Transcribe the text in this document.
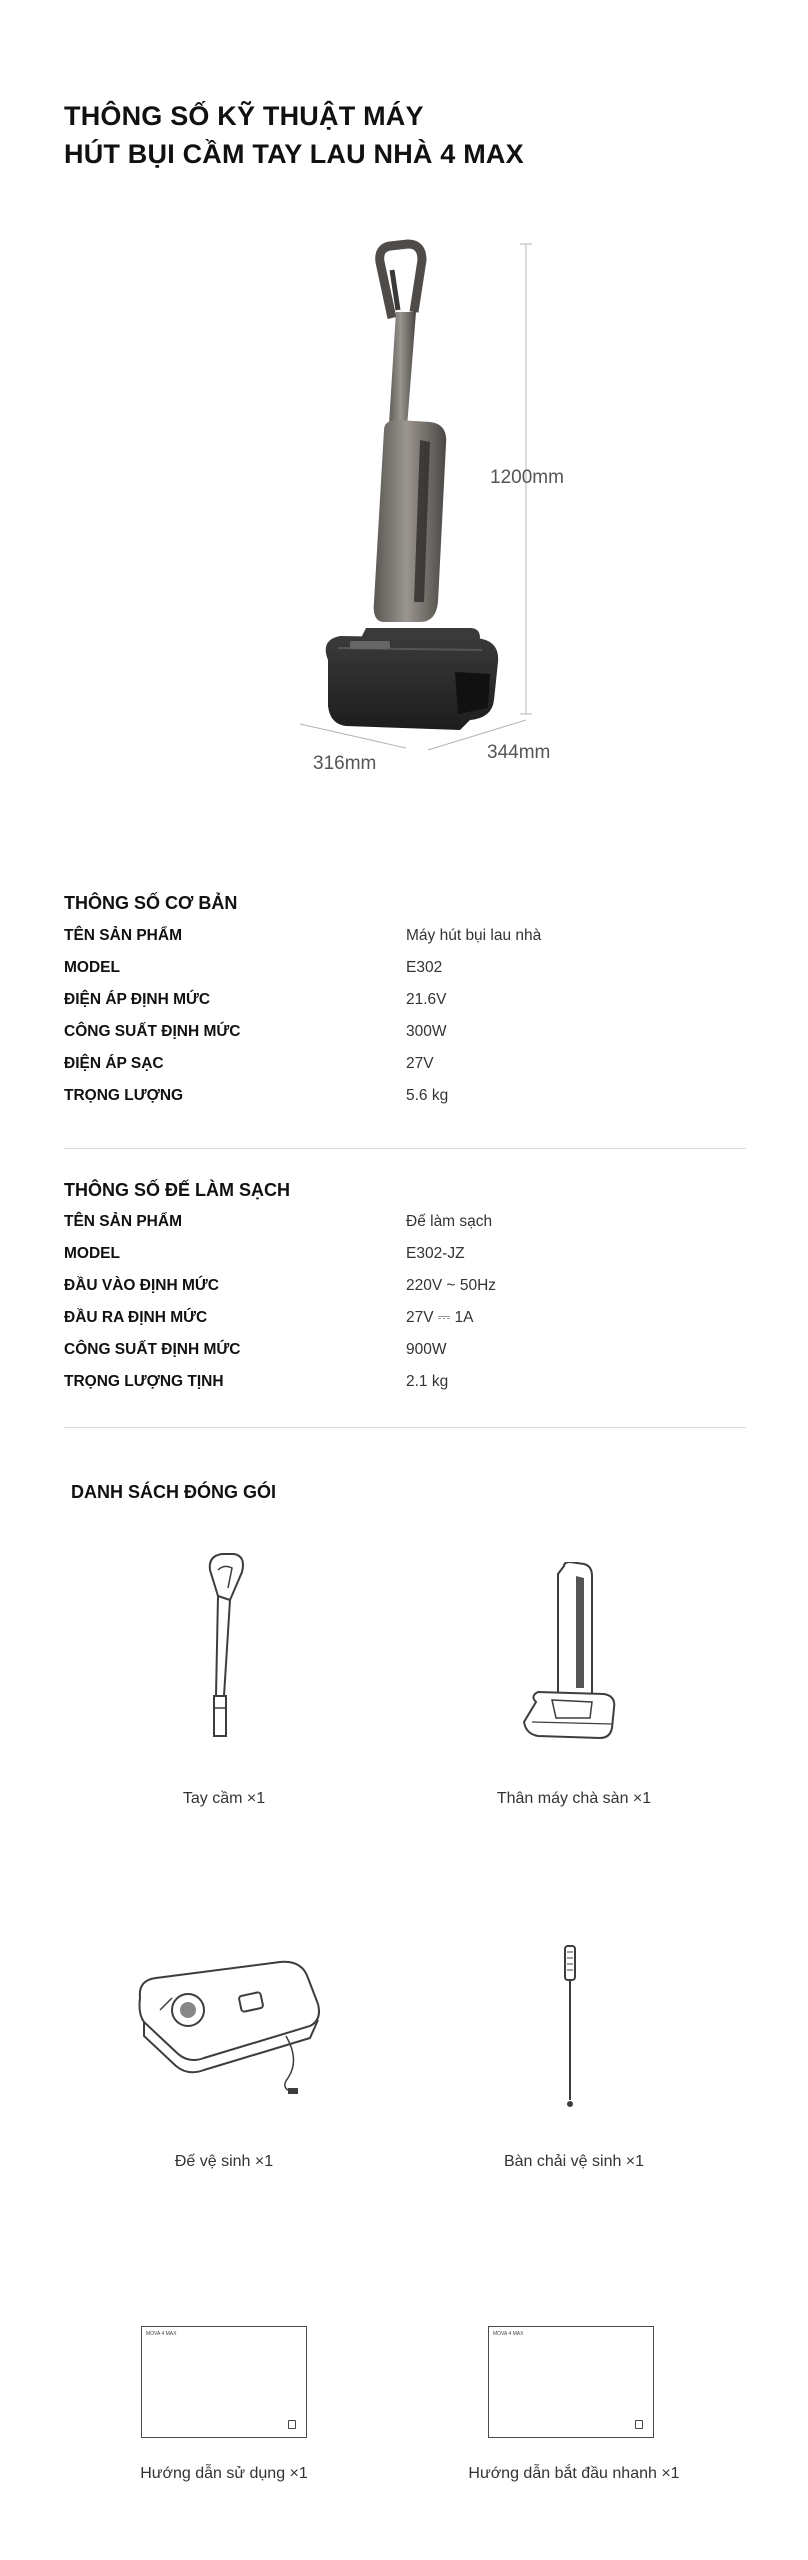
THÔNG SỐ KỸ THUẬT MÁY
HÚT BỤI CẦM TAY LAU NHÀ 4 MAX
1200mm
316mm
344mm
THÔNG SỐ CƠ BẢN
TÊN SẢN PHẨM	Máy hút bụi lau nhà
MODEL	E302
ĐIỆN ÁP ĐỊNH MỨC	21.6V
CÔNG SUẤT ĐỊNH MỨC	300W
ĐIỆN ÁP SẠC	27V
TRỌNG LƯỢNG	5.6 kg
THÔNG SỐ ĐẾ LÀM SẠCH
TÊN SẢN PHẨM	Đế làm sạch
MODEL	E302-JZ
ĐẦU VÀO ĐỊNH MỨC	220V ~ 50Hz
ĐẦU RA ĐỊNH MỨC	27V ⎓ 1A
CÔNG SUẤT ĐỊNH MỨC	900W
TRỌNG LƯỢNG TỊNH	2.1 kg
DANH SÁCH ĐÓNG GÓI
Tay cầm ×1	Thân máy chà sàn ×1
Đế vệ sinh ×1	Bàn chải vệ sinh ×1
MOVA 4 MAX
Hướng dẫn sử dụng ×1
MOVA 4 MAX
Hướng dẫn bắt đầu nhanh ×1
